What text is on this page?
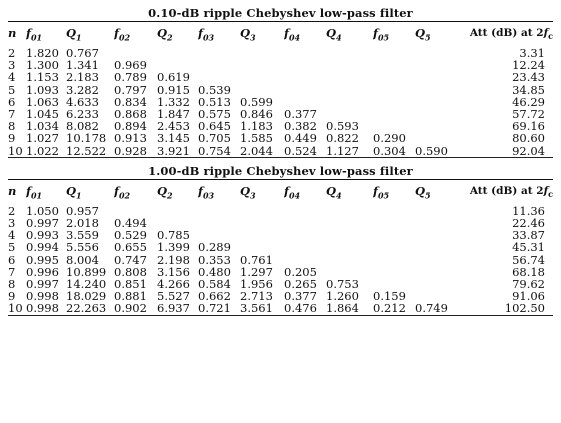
0.10-dB ripple Chebyshev low-pass filter
n	$f_{01}$	$Q_1$	$f_{02}$	$Q_2$	$f_{03}$	$Q_3$	$f_{04}$	$Q_4$	$f_{05}$	$Q_5$	Att (dB) at $2f_c$
2	1.820	0.767									3.31
3	1.300	1.341	0.969								12.24
4	1.153	2.183	0.789	0.619							23.43
5	1.093	3.282	0.797	0.915	0.539						34.85
6	1.063	4.633	0.834	1.332	0.513	0.599					46.29
7	1.045	6.233	0.868	1.847	0.575	0.846	0.377				57.72
8	1.034	8.082	0.894	2.453	0.645	1.183	0.382	0.593			69.16
9	1.027	10.178	0.913	3.145	0.705	1.585	0.449	0.822	0.290		80.60
10	1.022	12.522	0.928	3.921	0.754	2.044	0.524	1.127	0.304	0.590	92.04
1.00-dB ripple Chebyshev low-pass filter
n	$f_{01}$	$Q_1$	$f_{02}$	$Q_2$	$f_{03}$	$Q_3$	$f_{04}$	$Q_4$	$f_{05}$	$Q_5$	Att (dB) at $2f_c$
2	1.050	0.957									11.36
3	0.997	2.018	0.494								22.46
4	0.993	3.559	0.529	0.785							33.87
5	0.994	5.556	0.655	1.399	0.289						45.31
6	0.995	8.004	0.747	2.198	0.353	0.761					56.74
7	0.996	10.899	0.808	3.156	0.480	1.297	0.205				68.18
8	0.997	14.240	0.851	4.266	0.584	1.956	0.265	0.753			79.62
9	0.998	18.029	0.881	5.527	0.662	2.713	0.377	1.260	0.159		91.06
10	0.998	22.263	0.902	6.937	0.721	3.561	0.476	1.864	0.212	0.749	102.50
